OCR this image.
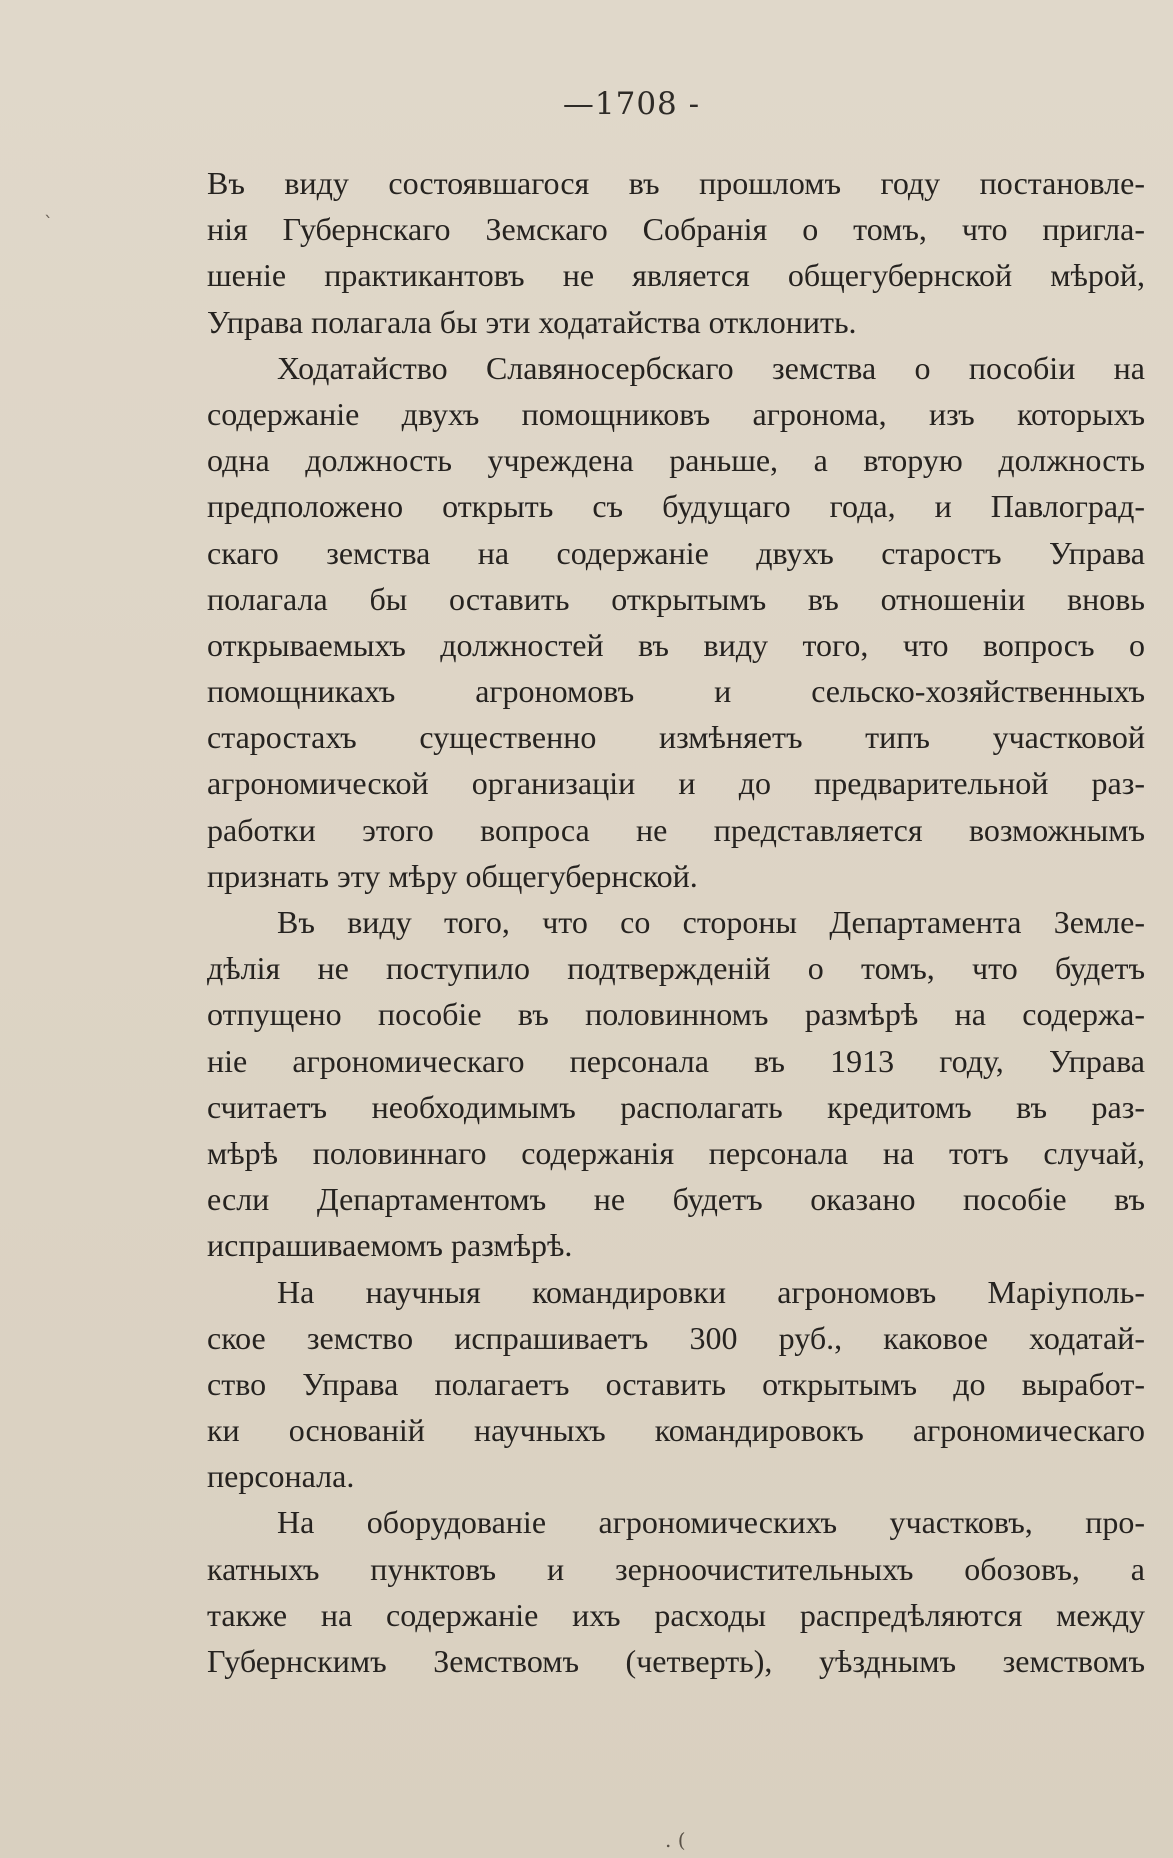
`
—1708 -
Въ виду состоявшагося въ прошломъ году постановле-
нія Губернскаго Земскаго Собранія о томъ, что пригла-
шеніе практикантовъ не является общегубернской мѣрой,
Управа полагала бы эти ходатайства отклонить.
Ходатайство Славяносербскаго земства о пособіи на
содержаніе двухъ помощниковъ агронома, изъ которыхъ
одна должность учреждена раньше, а вторую должность
предположено открыть съ будущаго года, и Павлоград-
скаго земства на содержаніе двухъ старостъ Управа
полагала бы оставить открытымъ въ отношеніи вновь
открываемыхъ должностей въ виду того, что вопросъ о
помощникахъ агрономовъ и сельско-хозяйственныхъ
старостахъ существенно измѣняетъ типъ участковой
агрономической организаціи и до предварительной раз-
работки этого вопроса не представляется возможнымъ
признать эту мѣру общегубернской.
Въ виду того, что со стороны Департамента Земле-
дѣлія не поступило подтвержденій о томъ, что будетъ
отпущено пособіе въ половинномъ размѣрѣ на содержа-
ніе агрономическаго персонала въ 1913 году, Управа
считаетъ необходимымъ располагать кредитомъ въ раз-
мѣрѣ половиннаго содержанія персонала на тотъ случай,
если Департаментомъ не будетъ оказано пособіе въ
испрашиваемомъ размѣрѣ.
На научныя командировки агрономовъ Маріуполь-
ское земство испрашиваетъ 300 руб., каковое ходатай-
ство Управа полагаетъ оставить открытымъ до выработ-
ки основаній научныхъ командировокъ агрономическаго
персонала.
На оборудованіе агрономическихъ участковъ, про-
катныхъ пунктовъ и зерноочистительныхъ обозовъ, а
также на содержаніе ихъ расходы распредѣляются между
Губернскимъ Земствомъ (четверть), уѣзднымъ земствомъ
. (
